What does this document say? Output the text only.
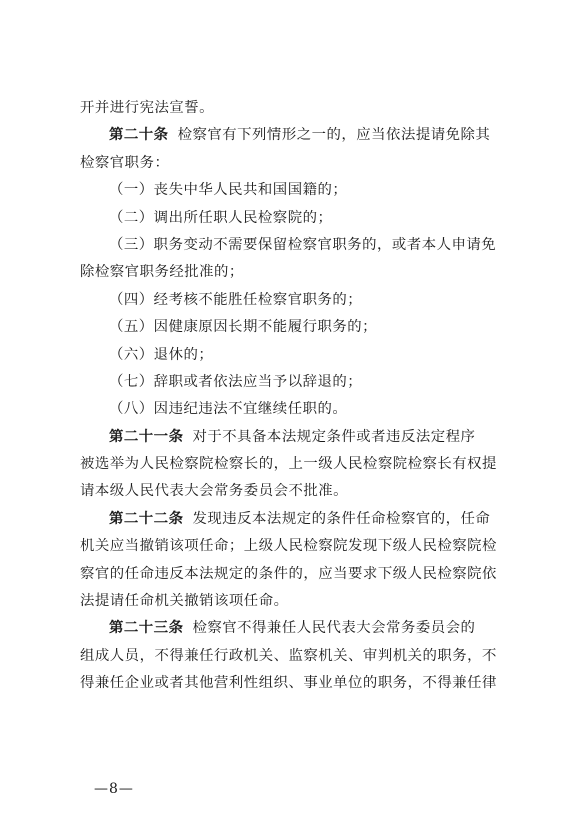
开并进行宪法宣誓。
第二十条 检察官有下列情形之一的，应当依法提请免除其
检察官职务：
（一）丧失中华人民共和国国籍的；
（二）调出所任职人民检察院的；
（三）职务变动不需要保留检察官职务的，或者本人申请免
除检察官职务经批准的；
（四）经考核不能胜任检察官职务的；
（五）因健康原因长期不能履行职务的；
（六）退休的；
（七）辞职或者依法应当予以辞退的；
（八）因违纪违法不宜继续任职的。
第二十一条 对于不具备本法规定条件或者违反法定程序
被选举为人民检察院检察长的，上一级人民检察院检察长有权提
请本级人民代表大会常务委员会不批准。
第二十二条 发现违反本法规定的条件任命检察官的，任命
机关应当撤销该项任命；上级人民检察院发现下级人民检察院检
察官的任命违反本法规定的条件的，应当要求下级人民检察院依
法提请任命机关撤销该项任命。
第二十三条 检察官不得兼任人民代表大会常务委员会的
组成人员，不得兼任行政机关、监察机关、审判机关的职务，不
得兼任企业或者其他营利性组织、事业单位的职务，不得兼任律
—8—
